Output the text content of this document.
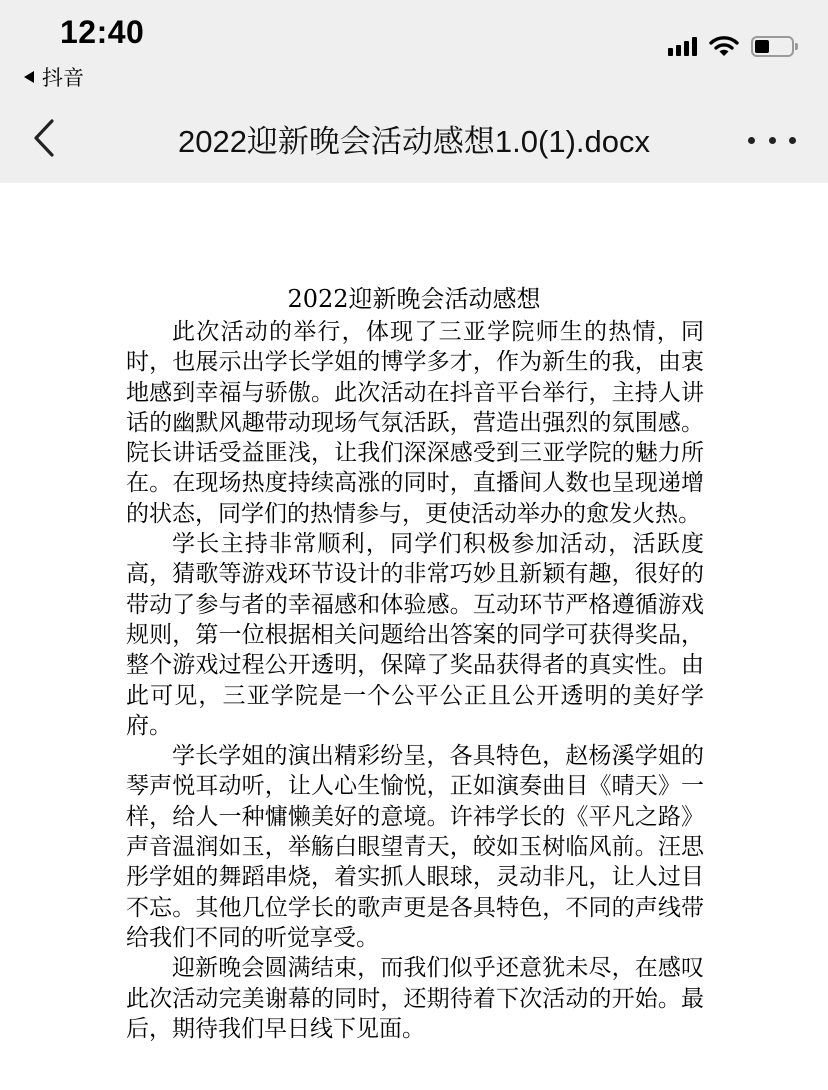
12:40
抖音
2022迎新晚会活动感想1.0(1).docx
2022迎新晚会活动感想

此次活动的举行，体现了三亚学院师生的热情，同时，也展示出学长学姐的博学多才，作为新生的我，由衷地感到幸福与骄傲。此次活动在抖音平台举行，主持人讲话的幽默风趣带动现场气氛活跃，营造出强烈的氛围感。院长讲话受益匪浅，让我们深深感受到三亚学院的魅力所在。在现场热度持续高涨的同时，直播间人数也呈现递增的状态，同学们的热情参与，更使活动举办的愈发火热。

学长主持非常顺利，同学们积极参加活动，活跃度高，猜歌等游戏环节设计的非常巧妙且新颖有趣，很好的带动了参与者的幸福感和体验感。互动环节严格遵循游戏规则，第一位根据相关问题给出答案的同学可获得奖品，整个游戏过程公开透明，保障了奖品获得者的真实性。由此可见，三亚学院是一个公平公正且公开透明的美好学府。

学长学姐的演出精彩纷呈，各具特色，赵杨溪学姐的琴声悦耳动听，让人心生愉悦，正如演奏曲目《晴天》一样，给人一种慵懒美好的意境。许祎学长的《平凡之路》声音温润如玉，举觞白眼望青天，皎如玉树临风前。汪思彤学姐的舞蹈串烧，着实抓人眼球，灵动非凡，让人过目不忘。其他几位学长的歌声更是各具特色，不同的声线带给我们不同的听觉享受。

迎新晚会圆满结束，而我们似乎还意犹未尽，在感叹此次活动完美谢幕的同时，还期待着下次活动的开始。最后，期待我们早日线下见面。
